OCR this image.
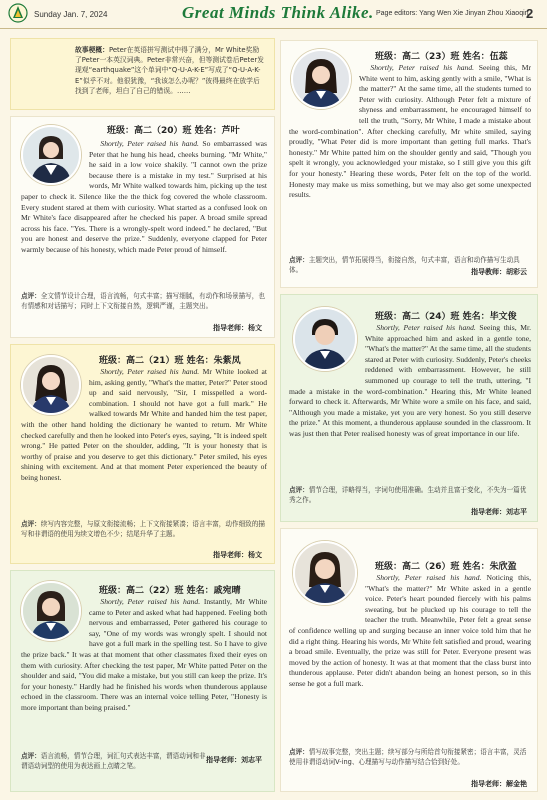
Sunday Jan. 7, 2024	Great Minds Think Alike. Page editors: Yang Wen Xie Jinyan Zhou Xiaoqin
2
故事梗概：Peter在英语拼写测试中得了满分，Mr White奖励了Peter一本英汉词典。Peter非常兴奋，但等测试卷后Peter发现观“earthquake”这个单词中“Q-U-A-K-E”写成了“Q-U-A-K-E”似乎不对。他很犹豫，“我该怎么办呢？”彼得最终在放学后找到了老师，坦白了自己的错误。……
班级：高二（20）班 姓名：芦叶
Shortly, Peter raised his hand. So embarrassed was Peter that he hung his head, cheeks burning. "Mr White," he said in a low voice shakily. "I cannot own the prize because there is a mistake in my test." Surprised at his words, Mr White walked towards him, picking up the test paper to check it. Silence like the the thick fog covered the whole classroom. Every student stared at them with curiosity. What started as a confused look on Mr White's face disappeared after he checked his paper. A broad smile spread across his face. "Yes. There is a wrongly-spelt word indeed." he declared, "But you are honest and deserve the prize." Suddenly, everyone clapped for Peter warmly because of his honesty, which made Peter proud of himself.
点评：全文情节设计合理，语言流畅，句式丰富；描写细腻，有动作和场景描写，也有情感和对话描写；同时上下文衔接自然，逻辑严谨，主题突出。
指导老师：杨文
班级：高二（21）班 姓名：朱紫凤
Shortly, Peter raised his hand. Mr White looked at him, asking gently, "What's the matter, Peter?" Peter stood up and said nervously, "Sir, I misspelled a word-combination. I should not have got a full mark." He walked towards Mr White and handed him the test paper, with the other hand holding the dictionary he wanted to return. Mr White checked carefully and then he looked into Peter's eyes, saying, "It is indeed spelt wrong." He patted Peter on the shoulder, adding, "It is your honesty that is worthy of praise and you deserve to get this dictionary." Peter smiled, his eyes shining with excitement. And at that moment Peter experienced the beauty of being honest.
点评：续写内容完整，与原文衔接流畅；上下文衔接紧凑；语言丰富，动作细致的描写和非谓语的使用为续文增色不少；结尾升华了主题。
指导老师：杨文
班级：高二（22）班 姓名：戚宛晴
Shortly, Peter raised his hand. Instantly, Mr White came to Peter and asked what had happened. Feeling both nervous and embarrassed, Peter gathered his courage to say, "One of my words was wrongly spelt. I should not have got a full mark in the spelling test. So I have to give the prize back." It was at that moment that other classmates fixed their eyes on them with curiosity. After checking the test paper, Mr White patted Peter on the shoulder and said, "You did make a mistake, but you still can keep the prize. It's for your honesty." Hardly had he finished his words when thunderous applause echoed in the classroom. There was an internal voice telling Peter, "Honesty is more important than being praised."
点评：语言流畅，情节合理，词汇句式表达丰富，谓语动词和非谓语动词型的使用为表达画上点睛之笔。
指导老师：刘志平
班级：高二（23）班 姓名：伍蕊
Shortly, Peter raised his hand. Seeing this, Mr White went to him, asking gently with a smile, "What is the matter?" At the same time, all the students turned to Peter with curiosity. Although Peter felt a mixture of shyness and embarrassment, he encouraged himself to tell the truth, "Sorry, Mr White, I made a mistake about the word-combination". After checking carefully, Mr white smiled, saying proudly, "What Peter did is more important than getting full marks. That's honesty." Mr White patted him on the shoulder gently and said, "Though you spelt it wrongly, you acknowledged your mistake, so I still give you this gift for your honesty." Hearing these words, Peter felt on the top of the world. Honesty may make us miss something, but we may also get some unexpected results.
点评：主题突出，情节拓展得当，衔接自然，句式丰富，语言和动作描写生动具体。	指导教师：胡彩云
班级：高二（24）班 姓名：毕文俊
Shortly, Peter raised his hand. Seeing this, Mr. White approached him and asked in a gentle tone, "What's the matter?" At the same time, all the students stared at Peter with curiosity. Suddenly, Peter's cheeks reddened with embarrassment. However, he still summoned up courage to tell the truth, uttering, "I made a mistake in the word-combination." Hearing this, Mr White leaned forward to check it. Afterwards, Mr White wore a smile on his face, and said, "Although you made a mistake, yet you are very honest. So you still deserve the prize." At this moment, a thunderous applause sounded in the classroom. It was just then that Peter realised honesty was of great importance in our life.
点评：情节合理，详略得当，字词句使用准确。生动并且富于变化，不失为一篇优秀之作。
指导老师：刘志平
班级：高二（26）班 姓名：朱欣盈
Shortly, Peter raised his hand. Noticing this, "What's the matter?" Mr White asked in a gentle voice. Peter's heart pounded fiercely with his palms sweating, but he plucked up his courage to tell the teacher the truth. Meanwhile, Peter felt a great sense of confidence welling up and surging because an inner voice told him that he did a right thing. Hearing his words, Mr White felt satisfied and proud, wearing a broad smile. Eventually, the prize was still for Peter. Everyone present was moved by the action of honesty. It was at that moment that the class burst into thunderous applause. Peter didn't abandon being an honest person, so in this sense he got a full mark.
点评：情写故事完整，突出主题；续写部分与所给首句衔接紧密；语言丰富，灵活使用非谓语动词V-ing、心理描写与动作描写结合恰到好处。
指导老师：解金艳
